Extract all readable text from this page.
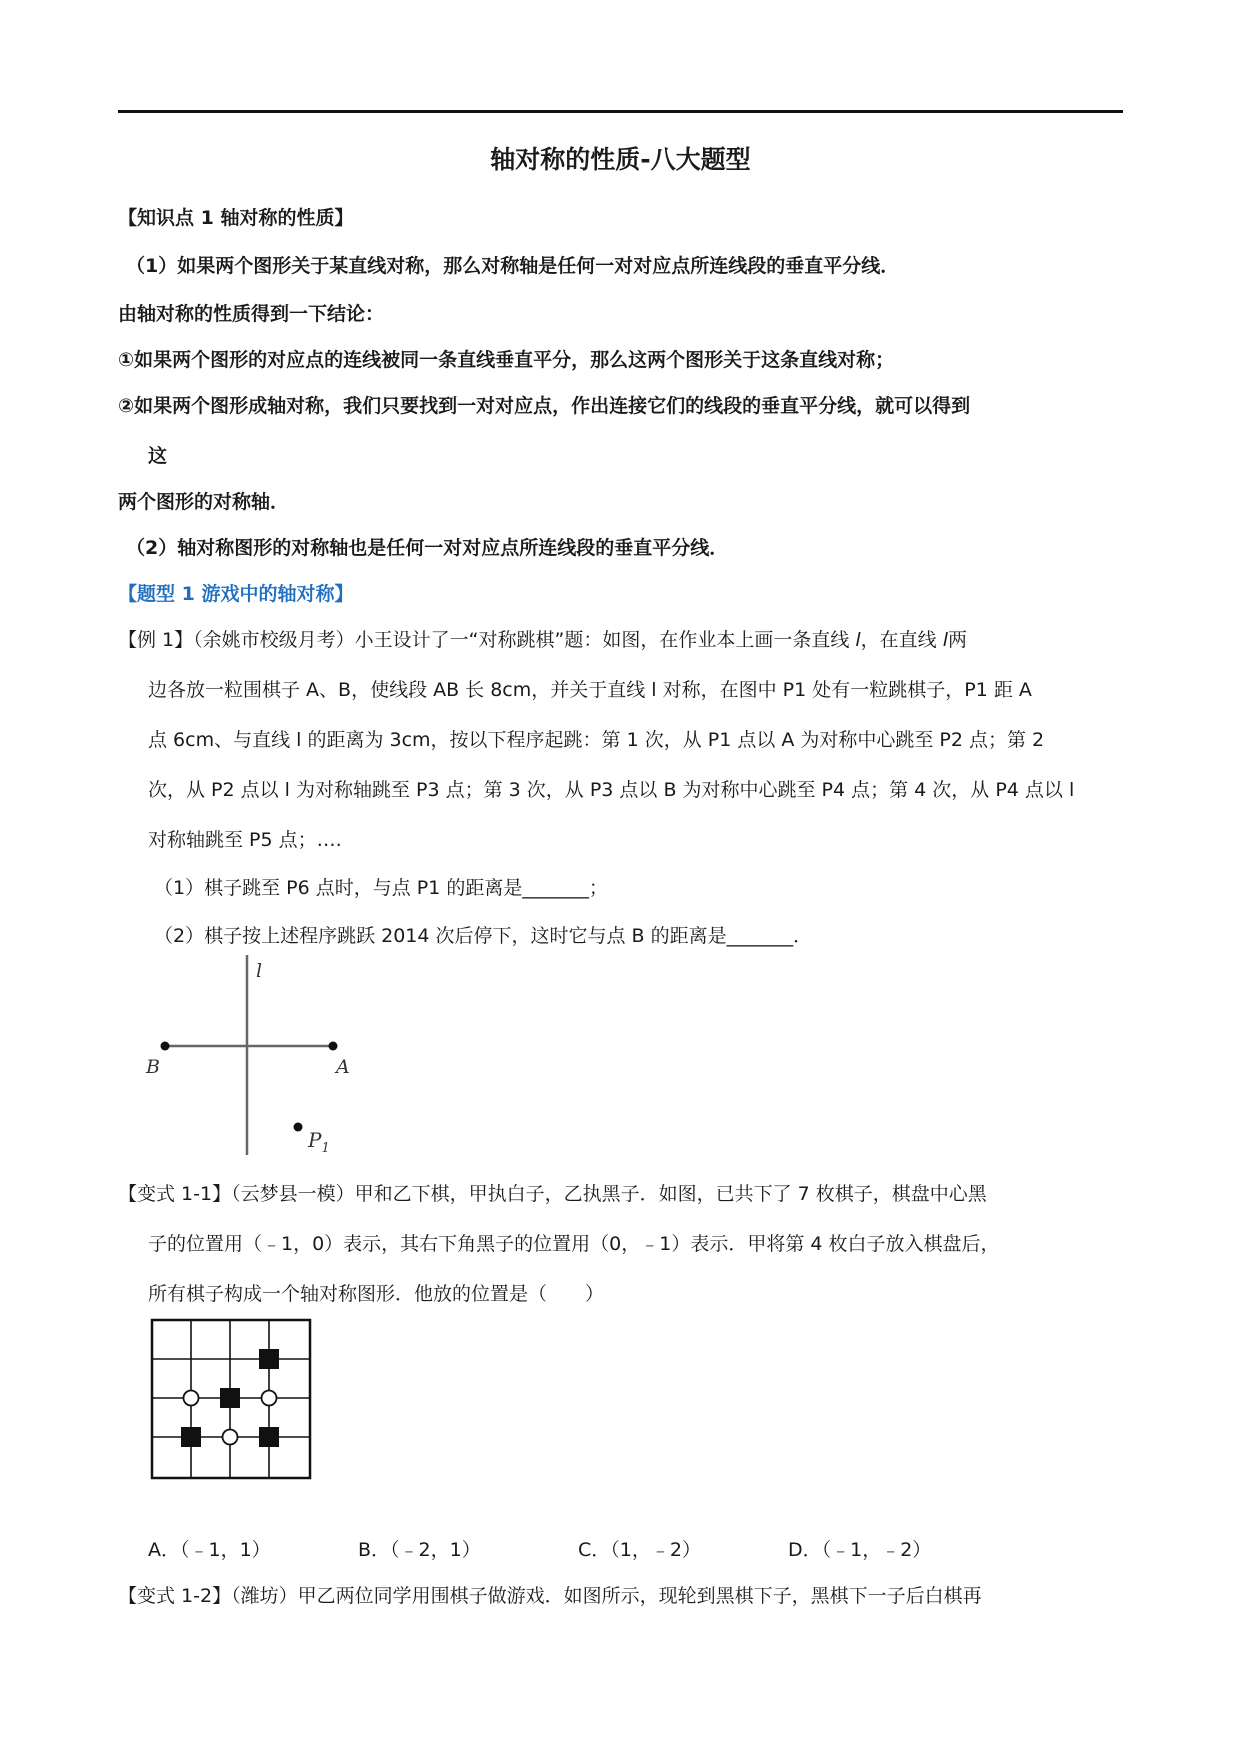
轴对称的性质-八大题型
【知识点 1 轴对称的性质】
（1）如果两个图形关于某直线对称，那么对称轴是任何一对对应点所连线段的垂直平分线．
由轴对称的性质得到一下结论：
①如果两个图形的对应点的连线被同一条直线垂直平分，那么这两个图形关于这条直线对称；
②如果两个图形成轴对称，我们只要找到一对对应点，作出连接它们的线段的垂直平分线，就可以得到
这
两个图形的对称轴．
（2）轴对称图形的对称轴也是任何一对对应点所连线段的垂直平分线．
【题型 1 游戏中的轴对称】
【例 1】（余姚市校级月考）小王设计了一“对称跳棋”题：如图，在作业本上画一条直线 l，在直线 l两
边各放一粒围棋子 A、B，使线段 AB 长 8cm，并关于直线 l 对称，在图中 P1 处有一粒跳棋子，P1 距 A
点 6cm、与直线 l 的距离为 3cm，按以下程序起跳：第 1 次，从 P1 点以 A 为对称中心跳至 P2 点；第 2
次，从 P2 点以 l 为对称轴跳至 P3 点；第 3 次，从 P3 点以 B 为对称中心跳至 P4 点；第 4 次，从 P4 点以 l
对称轴跳至 P5 点；….
（1）棋子跳至 P6 点时，与点 P1 的距离是_______；
（2）棋子按上述程序跳跃 2014 次后停下，这时它与点 B 的距离是_______．
l
B	A
$P_1$
【变式 1-1】（云梦县一模）甲和乙下棋，甲执白子，乙执黑子．如图，已共下了 7 枚棋子，棋盘中心黑
子的位置用（﹣1，0）表示，其右下角黑子的位置用（0，﹣1）表示．甲将第 4 枚白子放入棋盘后，
所有棋子构成一个轴对称图形．他放的位置是（　　）
A．（﹣1，1）	B．（﹣2，1）	C．（1，﹣2）	D．（﹣1，﹣2）
【变式 1-2】（潍坊）甲乙两位同学用围棋子做游戏．如图所示，现轮到黑棋下子，黑棋下一子后白棋再
